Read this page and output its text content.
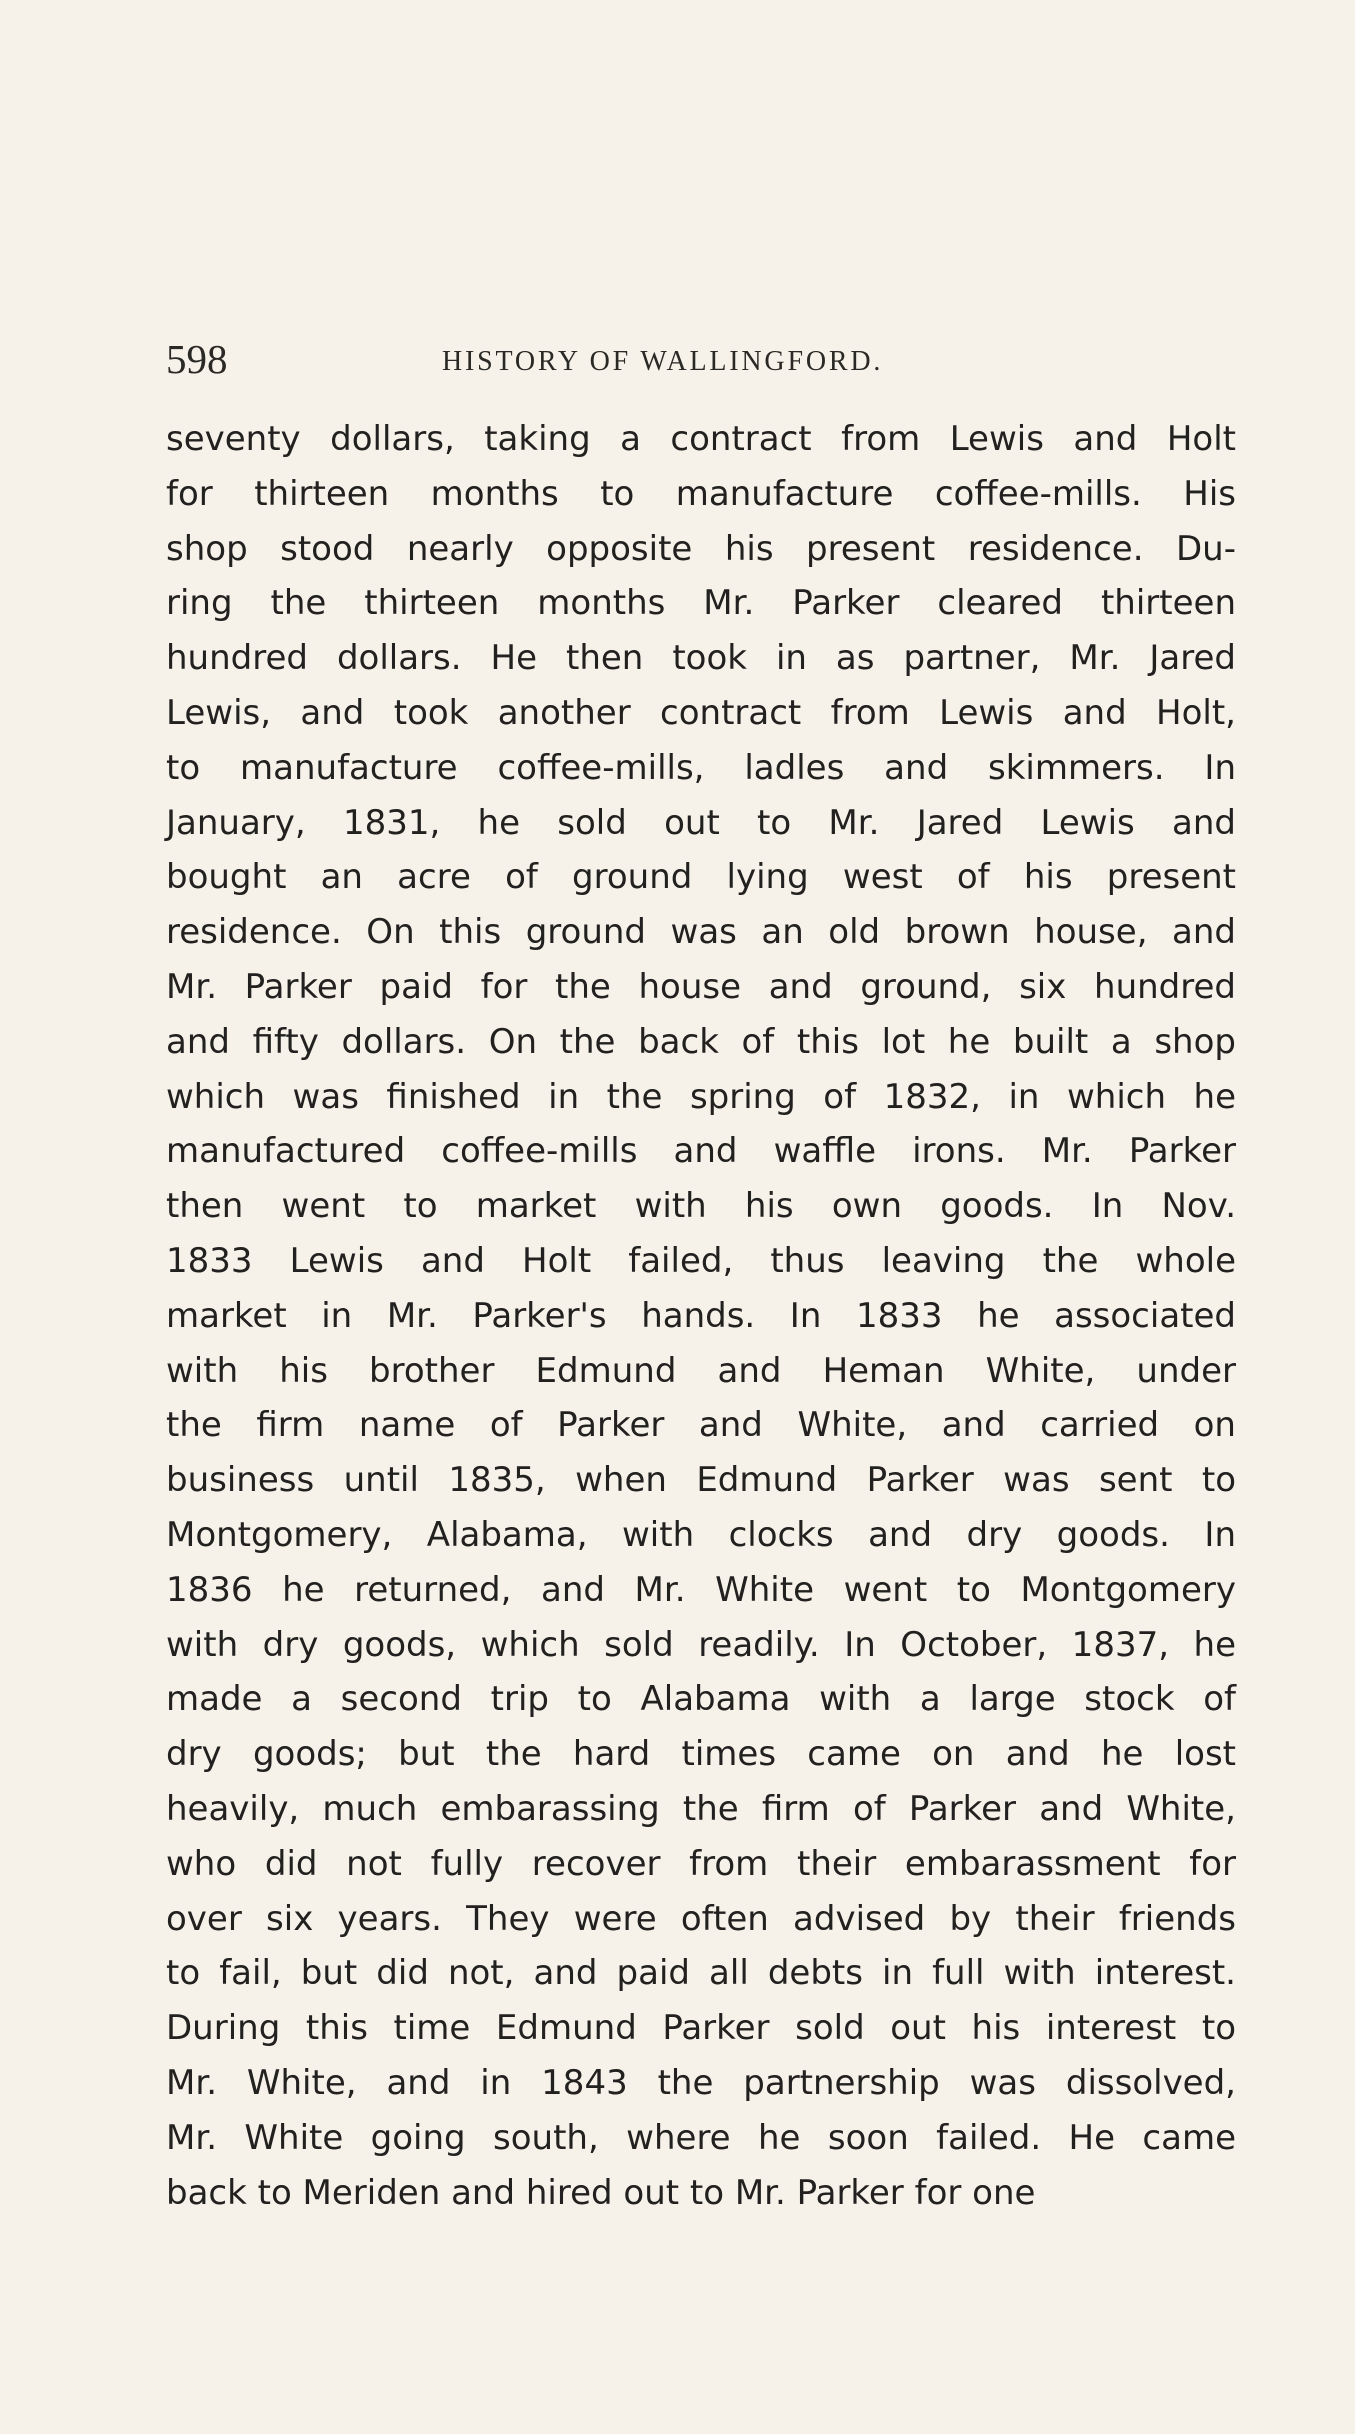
598	HISTORY OF WALLINGFORD.
seventy dollars, taking a contract from Lewis and Holt
for thirteen months to manufacture coffee-mills. His
shop stood nearly opposite his present residence. Du-
ring the thirteen months Mr. Parker cleared thirteen
hundred dollars. He then took in as partner, Mr. Jared
Lewis, and took another contract from Lewis and Holt,
to manufacture coffee-mills, ladles and skimmers. In
January, 1831, he sold out to Mr. Jared Lewis and
bought an acre of ground lying west of his present
residence. On this ground was an old brown house, and
Mr. Parker paid for the house and ground, six hundred
and fifty dollars. On the back of this lot he built a shop
which was finished in the spring of 1832, in which he
manufactured coffee-mills and waffle irons. Mr. Parker
then went to market with his own goods. In Nov.
1833 Lewis and Holt failed, thus leaving the whole
market in Mr. Parker's hands. In 1833 he associated
with his brother Edmund and Heman White, under
the firm name of Parker and White, and carried on
business until 1835, when Edmund Parker was sent to
Montgomery, Alabama, with clocks and dry goods. In
1836 he returned, and Mr. White went to Montgomery
with dry goods, which sold readily. In October, 1837, he
made a second trip to Alabama with a large stock of
dry goods; but the hard times came on and he lost
heavily, much embarassing the firm of Parker and White,
who did not fully recover from their embarassment for
over six years. They were often advised by their friends
to fail, but did not, and paid all debts in full with interest.
During this time Edmund Parker sold out his interest to
Mr. White, and in 1843 the partnership was dissolved,
Mr. White going south, where he soon failed. He came
back to Meriden and hired out to Mr. Parker for one
